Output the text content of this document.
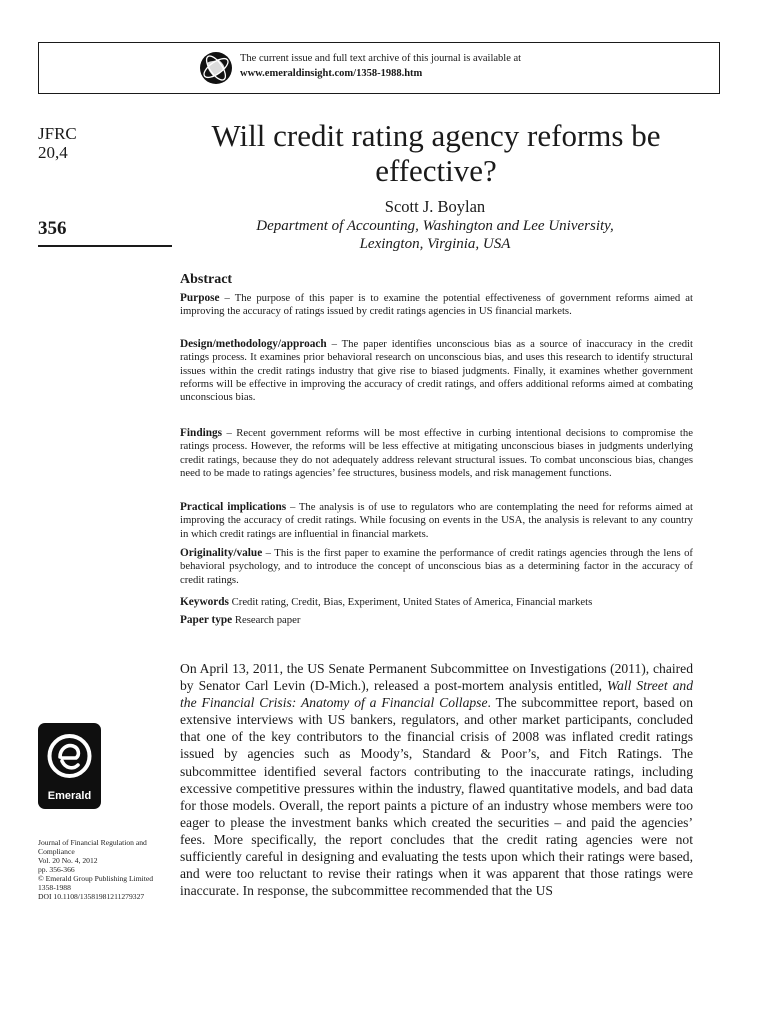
The current issue and full text archive of this journal is available at
www.emeraldinsight.com/1358-1988.htm
JFRC
20,4
356
Will credit rating agency reforms be effective?
Scott J. Boylan
Department of Accounting, Washington and Lee University,
Lexington, Virginia, USA
Abstract

Purpose – The purpose of this paper is to examine the potential effectiveness of government reforms aimed at improving the accuracy of ratings issued by credit ratings agencies in US financial markets.

Design/methodology/approach – The paper identifies unconscious bias as a source of inaccuracy in the credit ratings process. It examines prior behavioral research on unconscious bias, and uses this research to identify structural issues within the credit ratings industry that give rise to biased judgments. Finally, it examines whether government reforms will be effective in improving the accuracy of credit ratings, and offers additional reforms aimed at combating unconscious bias.

Findings – Recent government reforms will be most effective in curbing intentional decisions to compromise the ratings process. However, the reforms will be less effective at mitigating unconscious biases in judgments underlying credit ratings, because they do not adequately address relevant structural issues. To combat unconscious bias, changes need to be made to ratings agencies’ fee structures, business models, and risk management functions.

Practical implications – The analysis is of use to regulators who are contemplating the need for reforms aimed at improving the accuracy of credit ratings. While focusing on events in the USA, the analysis is relevant to any country in which credit ratings are influential in financial markets.

Originality/value – This is the first paper to examine the performance of credit ratings agencies through the lens of behavioral psychology, and to introduce the concept of unconscious bias as a determining factor in the accuracy of credit ratings.

Keywords Credit rating, Credit, Bias, Experiment, United States of America, Financial markets

Paper type Research paper

On April 13, 2011, the US Senate Permanent Subcommittee on Investigations (2011), chaired by Senator Carl Levin (D-Mich.), released a post-mortem analysis entitled, Wall Street and the Financial Crisis: Anatomy of a Financial Collapse. The subcommittee report, based on extensive interviews with US bankers, regulators, and other market participants, concluded that one of the key contributors to the financial crisis of 2008 was inflated credit ratings issued by agencies such as Moody’s, Standard & Poor’s, and Fitch Ratings. The subcommittee identified several factors contributing to the inaccurate ratings, including excessive competitive pressures within the industry, flawed quantitative models, and bad data for those models. Overall, the report paints a picture of an industry whose members were too eager to please the investment banks which created the securities – and paid the agencies’ fees. More specifically, the report concludes that the credit rating agencies were not sufficiently careful in designing and evaluating the tests upon which their ratings were based, and were too reluctant to revise their ratings when it was apparent that those ratings were inaccurate. In response, the subcommittee recommended that the US

Emerald
Journal of Financial Regulation and
Compliance
Vol. 20 No. 4, 2012
pp. 356-366
© Emerald Group Publishing Limited
1358-1988
DOI 10.1108/13581981211279327
